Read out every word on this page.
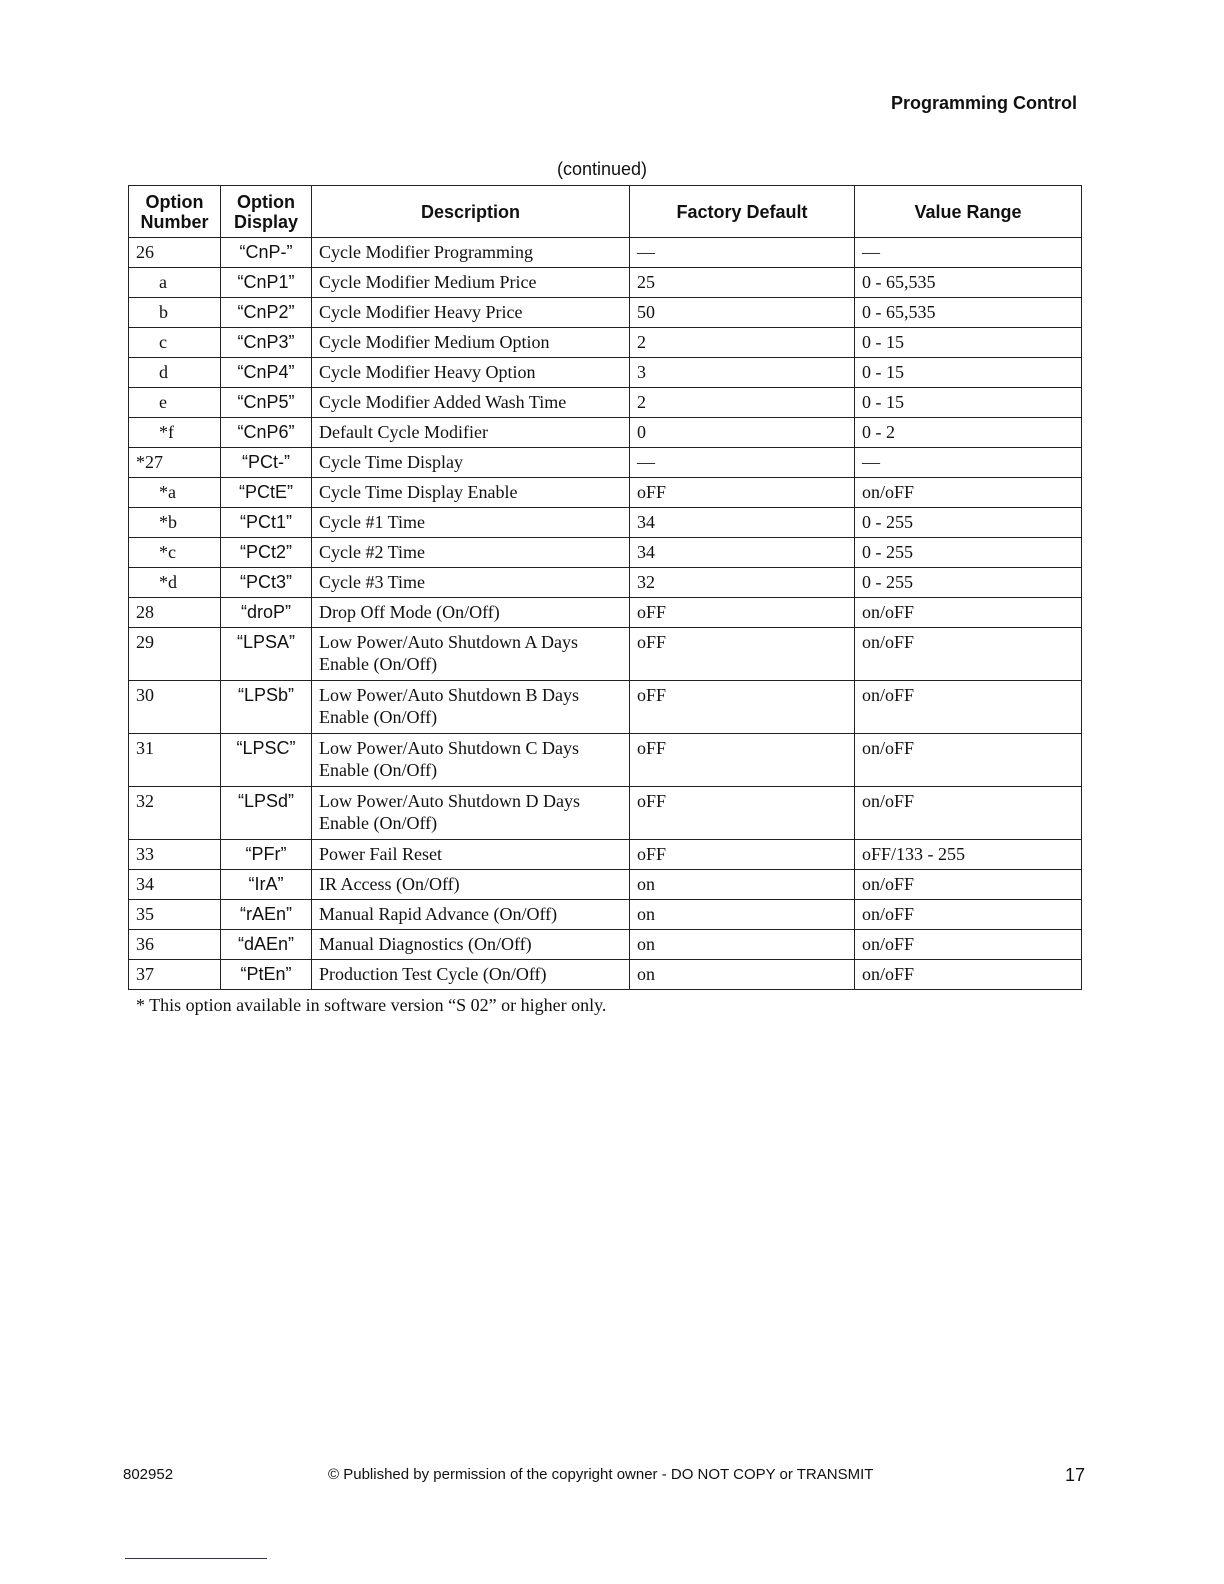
Programming Control
(continued)
Option Number	Option Display	Description	Factory Default	Value Range
26	“CnP-”	Cycle Modifier Programming	—	—
a	“CnP1”	Cycle Modifier Medium Price	25	0 - 65,535
b	“CnP2”	Cycle Modifier Heavy Price	50	0 - 65,535
c	“CnP3”	Cycle Modifier Medium Option	2	0 - 15
d	“CnP4”	Cycle Modifier Heavy Option	3	0 - 15
e	“CnP5”	Cycle Modifier Added Wash Time	2	0 - 15
*f	“CnP6”	Default Cycle Modifier	0	0 - 2
*27	“PCt-”	Cycle Time Display	—	—
*a	“PCtE”	Cycle Time Display Enable	oFF	on/oFF
*b	“PCt1”	Cycle #1 Time	34	0 - 255
*c	“PCt2”	Cycle #2 Time	34	0 - 255
*d	“PCt3”	Cycle #3 Time	32	0 - 255
28	“droP”	Drop Off Mode (On/Off)	oFF	on/oFF
29	“LPSA”	Low Power/Auto Shutdown A Days Enable (On/Off)	oFF	on/oFF
30	“LPSb”	Low Power/Auto Shutdown B Days Enable (On/Off)	oFF	on/oFF
31	“LPSC”	Low Power/Auto Shutdown C Days Enable (On/Off)	oFF	on/oFF
32	“LPSd”	Low Power/Auto Shutdown D Days Enable (On/Off)	oFF	on/oFF
33	“PFr”	Power Fail Reset	oFF	oFF/133 - 255
34	“IrA”	IR Access (On/Off)	on	on/oFF
35	“rAEn”	Manual Rapid Advance (On/Off)	on	on/oFF
36	“dAEn”	Manual Diagnostics (On/Off)	on	on/oFF
37	“PtEn”	Production Test Cycle (On/Off)	on	on/oFF
* This option available in software version “S 02” or higher only.
802952	© Published by permission of the copyright owner - DO NOT COPY or TRANSMIT	17
